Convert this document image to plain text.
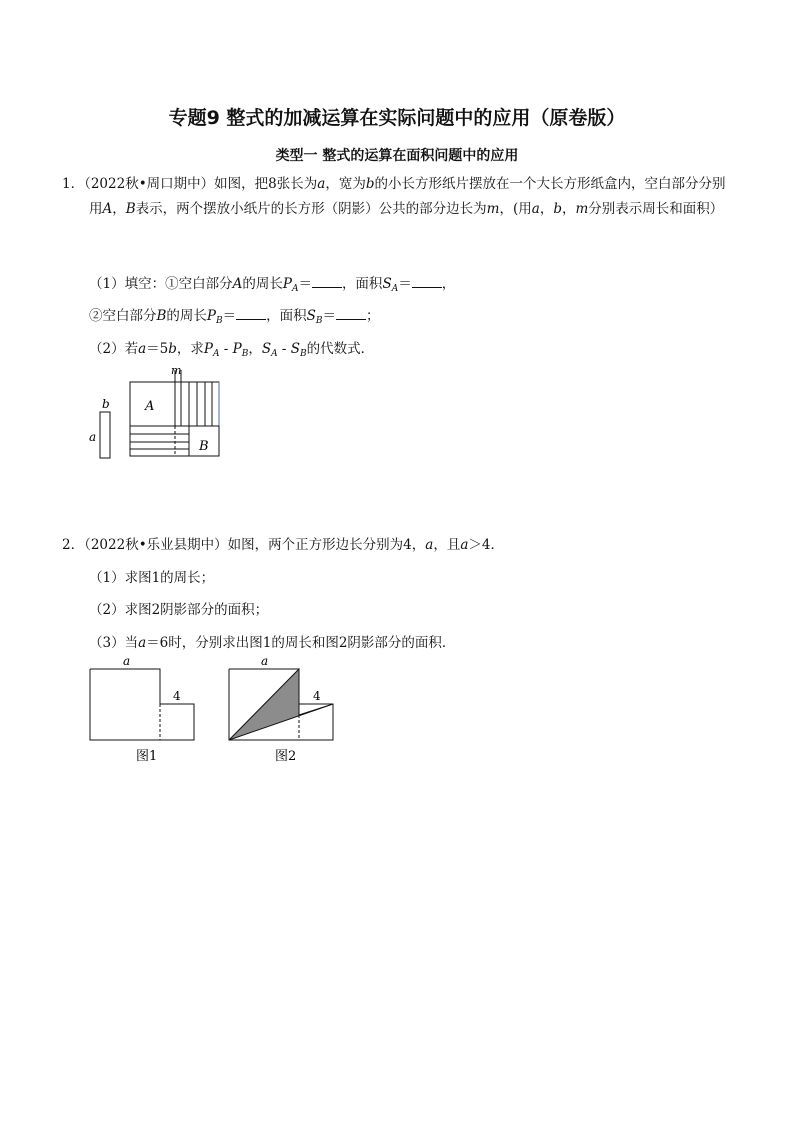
专题9 整式的加减运算在实际问题中的应用（原卷版）
类型一 整式的运算在面积问题中的应用
1．（2022秋•周口期中）如图，把8张长为a，宽为b的小长方形纸片摆放在一个大长方形纸盒内，空白部分分别用A，B表示，两个摆放小纸片的长方形（阴影）公共的部分边长为m，(用a，b，m分别表示周长和面积）
（1）填空：①空白部分A的周长$P_A=$ ，面积$S_A=$ ，
②空白部分B的周长$P_B=$ ，面积$S_B=$ ；
（2）若a＝5b，求$P_A - P_B$，$S_A - S_B$的代数式．
b
a
m
A
B
2．（2022秋•乐业县期中）如图，两个正方形边长分别为4，a，且a＞4．
（1）求图1的周长；
（2）求图2阴影部分的面积；
（3）当a＝6时，分别求出图1的周长和图2阴影部分的面积．
a
4
图1
a
4
图2
